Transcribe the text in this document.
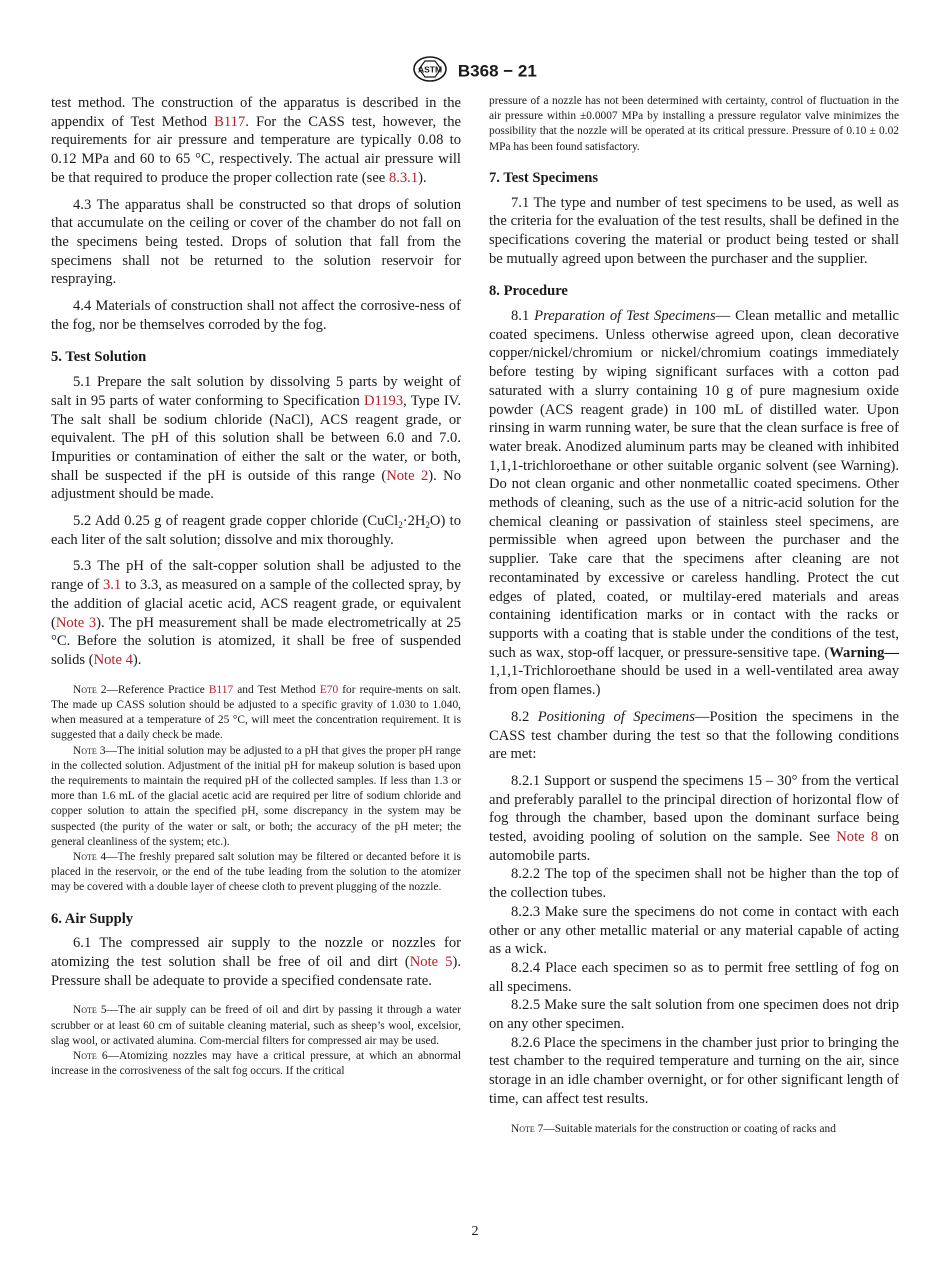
ASTM B368 − 21

test method. The construction of the apparatus is described in the appendix of Test Method B117. For the CASS test, however, the requirements for air pressure and temperature are typically 0.08 to 0.12 MPa and 60 to 65 °C, respectively. The actual air pressure will be that required to produce the proper collection rate (see 8.3.1).

4.3 The apparatus shall be constructed so that drops of solution that accumulate on the ceiling or cover of the chamber do not fall on the specimens being tested. Drops of solution that fall from the specimens shall not be returned to the solution reservoir for respraying.

4.4 Materials of construction shall not affect the corrosive-ness of the fog, nor be themselves corroded by the fog.

5. Test Solution

5.1 Prepare the salt solution by dissolving 5 parts by weight of salt in 95 parts of water conforming to Specification D1193, Type IV. The salt shall be sodium chloride (NaCl), ACS reagent grade, or equivalent. The pH of this solution shall be between 6.0 and 7.0. Impurities or contamination of either the salt or the water, or both, shall be suspected if the pH is outside of this range (Note 2). No adjustment should be made.

5.2 Add 0.25 g of reagent grade copper chloride $(CuCl_2\cdot 2H_2O)$ to each liter of the salt solution; dissolve and mix thoroughly.

5.3 The pH of the salt-copper solution shall be adjusted to the range of 3.1 to 3.3, as measured on a sample of the collected spray, by the addition of glacial acetic acid, ACS reagent grade, or equivalent (Note 3). The pH measurement shall be made electrometrically at 25 °C. Before the solution is atomized, it shall be free of suspended solids (Note 4).

Note 2—Reference Practice B117 and Test Method E70 for require-ments on salt. The made up CASS solution should be adjusted to a specific gravity of 1.030 to 1.040, when measured at a temperature of 25 °C, will meet the concentration requirement. It is suggested that a daily check be made.

Note 3—The initial solution may be adjusted to a pH that gives the proper pH range in the collected solution. Adjustment of the initial pH for makeup solution is based upon the requirements to maintain the required pH of the collected samples. If less than 1.3 or more than 1.6 mL of the glacial acetic acid are required per litre of sodium chloride and copper solution to attain the specified pH, some discrepancy in the system may be suspected (the purity of the water or salt, or both; the accuracy of the pH meter; the general cleanliness of the system; etc.).

Note 4—The freshly prepared salt solution may be filtered or decanted before it is placed in the reservoir, or the end of the tube leading from the solution to the atomizer may be covered with a double layer of cheese cloth to prevent plugging of the nozzle.

6. Air Supply

6.1 The compressed air supply to the nozzle or nozzles for atomizing the test solution shall be free of oil and dirt (Note 5). Pressure shall be adequate to provide a specified condensate rate.

Note 5—The air supply can be freed of oil and dirt by passing it through a water scrubber or at least 60 cm of suitable cleaning material, such as sheep’s wool, excelsior, slag wool, or activated alumina. Com-mercial filters for compressed air may be used.

Note 6—Atomizing nozzles may have a critical pressure, at which an abnormal increase in the corrosiveness of the salt fog occurs. If the critical

pressure of a nozzle has not been determined with certainty, control of fluctuation in the air pressure within ±0.0007 MPa by installing a pressure regulator valve minimizes the possibility that the nozzle will be operated at its critical pressure. Pressure of 0.10 ± 0.02 MPa has been found satisfactory.

7. Test Specimens

7.1 The type and number of test specimens to be used, as well as the criteria for the evaluation of the test results, shall be defined in the specifications covering the material or product being tested or shall be mutually agreed upon between the purchaser and the supplier.

8. Procedure

8.1 Preparation of Test Specimens— Clean metallic and metallic coated specimens. Unless otherwise agreed upon, clean decorative copper/nickel/chromium or nickel/chromium coatings immediately before testing by wiping significant surfaces with a cotton pad saturated with a slurry containing 10 g of pure magnesium oxide powder (ACS reagent grade) in 100 mL of distilled water. Upon rinsing in warm running water, be sure that the clean surface is free of water break. Anodized aluminum parts may be cleaned with inhibited 1,1,1-trichloroethane or other suitable organic solvent (see Warning). Do not clean organic and other nonmetallic coated specimens. Other methods of cleaning, such as the use of a nitric-acid solution for the chemical cleaning or passivation of stainless steel specimens, are permissible when agreed upon between the purchaser and the supplier. Take care that the specimens after cleaning are not recontaminated by excessive or careless handling. Protect the cut edges of plated, coated, or multilay-ered materials and areas containing identification marks or in contact with the racks or supports with a coating that is stable under the conditions of the test, such as wax, stop-off lacquer, or pressure-sensitive tape. (Warning—1,1,1-Trichloroethane should be used in a well-ventilated area away from open flames.)

8.2 Positioning of Specimens—Position the specimens in the CASS test chamber during the test so that the following conditions are met:

8.2.1 Support or suspend the specimens 15 – 30° from the vertical and preferably parallel to the principal direction of horizontal flow of fog through the chamber, based upon the dominant surface being tested, avoiding pooling of solution on the sample. See Note 8 on automobile parts.

8.2.2 The top of the specimen shall not be higher than the top of the collection tubes.

8.2.3 Make sure the specimens do not come in contact with each other or any other metallic material or any material capable of acting as a wick.

8.2.4 Place each specimen so as to permit free settling of fog on all specimens.

8.2.5 Make sure the salt solution from one specimen does not drip on any other specimen.

8.2.6 Place the specimens in the chamber just prior to bringing the test chamber to the required temperature and turning on the air, since storage in an idle chamber overnight, or for other significant length of time, can affect test results.

Note 7—Suitable materials for the construction or coating of racks and

2
